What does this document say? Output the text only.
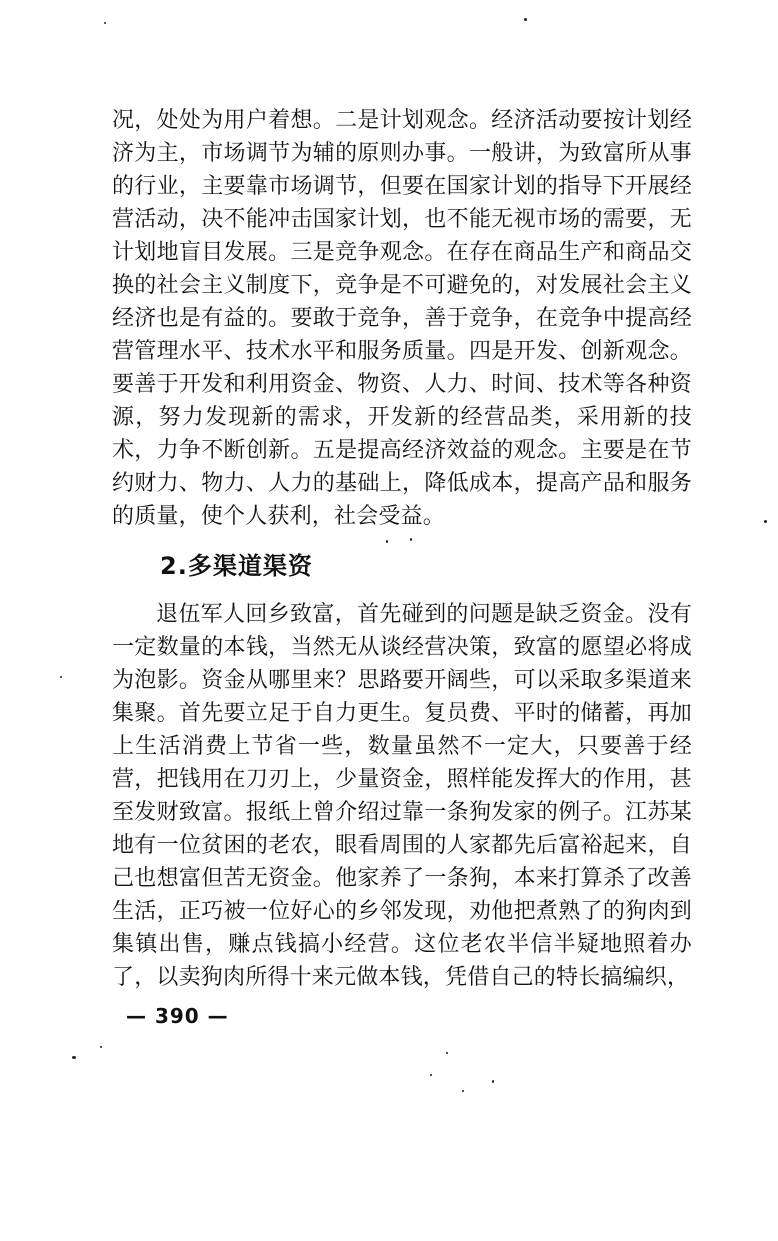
况，处处为用户着想。二是计划观念。经济活动要按计划经济为主，市场调节为辅的原则办事。一般讲，为致富所从事的行业，主要靠市场调节，但要在国家计划的指导下开展经营活动，决不能冲击国家计划，也不能无视市场的需要，无计划地盲目发展。三是竞争观念。在存在商品生产和商品交换的社会主义制度下，竞争是不可避免的，对发展社会主义经济也是有益的。要敢于竞争，善于竞争，在竞争中提高经营管理水平、技术水平和服务质量。四是开发、创新观念。要善于开发和利用资金、物资、人力、时间、技术等各种资源，努力发现新的需求，开发新的经营品类，采用新的技术，力争不断创新。五是提高经济效益的观念。主要是在节约财力、物力、人力的基础上，降低成本，提高产品和服务的质量，使个人获利，社会受益。
2.多渠道渠资
退伍军人回乡致富，首先碰到的问题是缺乏资金。没有一定数量的本钱，当然无从谈经营决策，致富的愿望必将成为泡影。资金从哪里来？思路要开阔些，可以采取多渠道来集聚。首先要立足于自力更生。复员费、平时的储蓄，再加上生活消费上节省一些，数量虽然不一定大，只要善于经营，把钱用在刀刃上，少量资金，照样能发挥大的作用，甚至发财致富。报纸上曾介绍过靠一条狗发家的例子。江苏某地有一位贫困的老农，眼看周围的人家都先后富裕起来，自己也想富但苦无资金。他家养了一条狗，本来打算杀了改善生活，正巧被一位好心的乡邻发现，劝他把煮熟了的狗肉到集镇出售，赚点钱搞小经营。这位老农半信半疑地照着办了，以卖狗肉所得十来元做本钱，凭借自己的特长搞编织，
— 390 —
